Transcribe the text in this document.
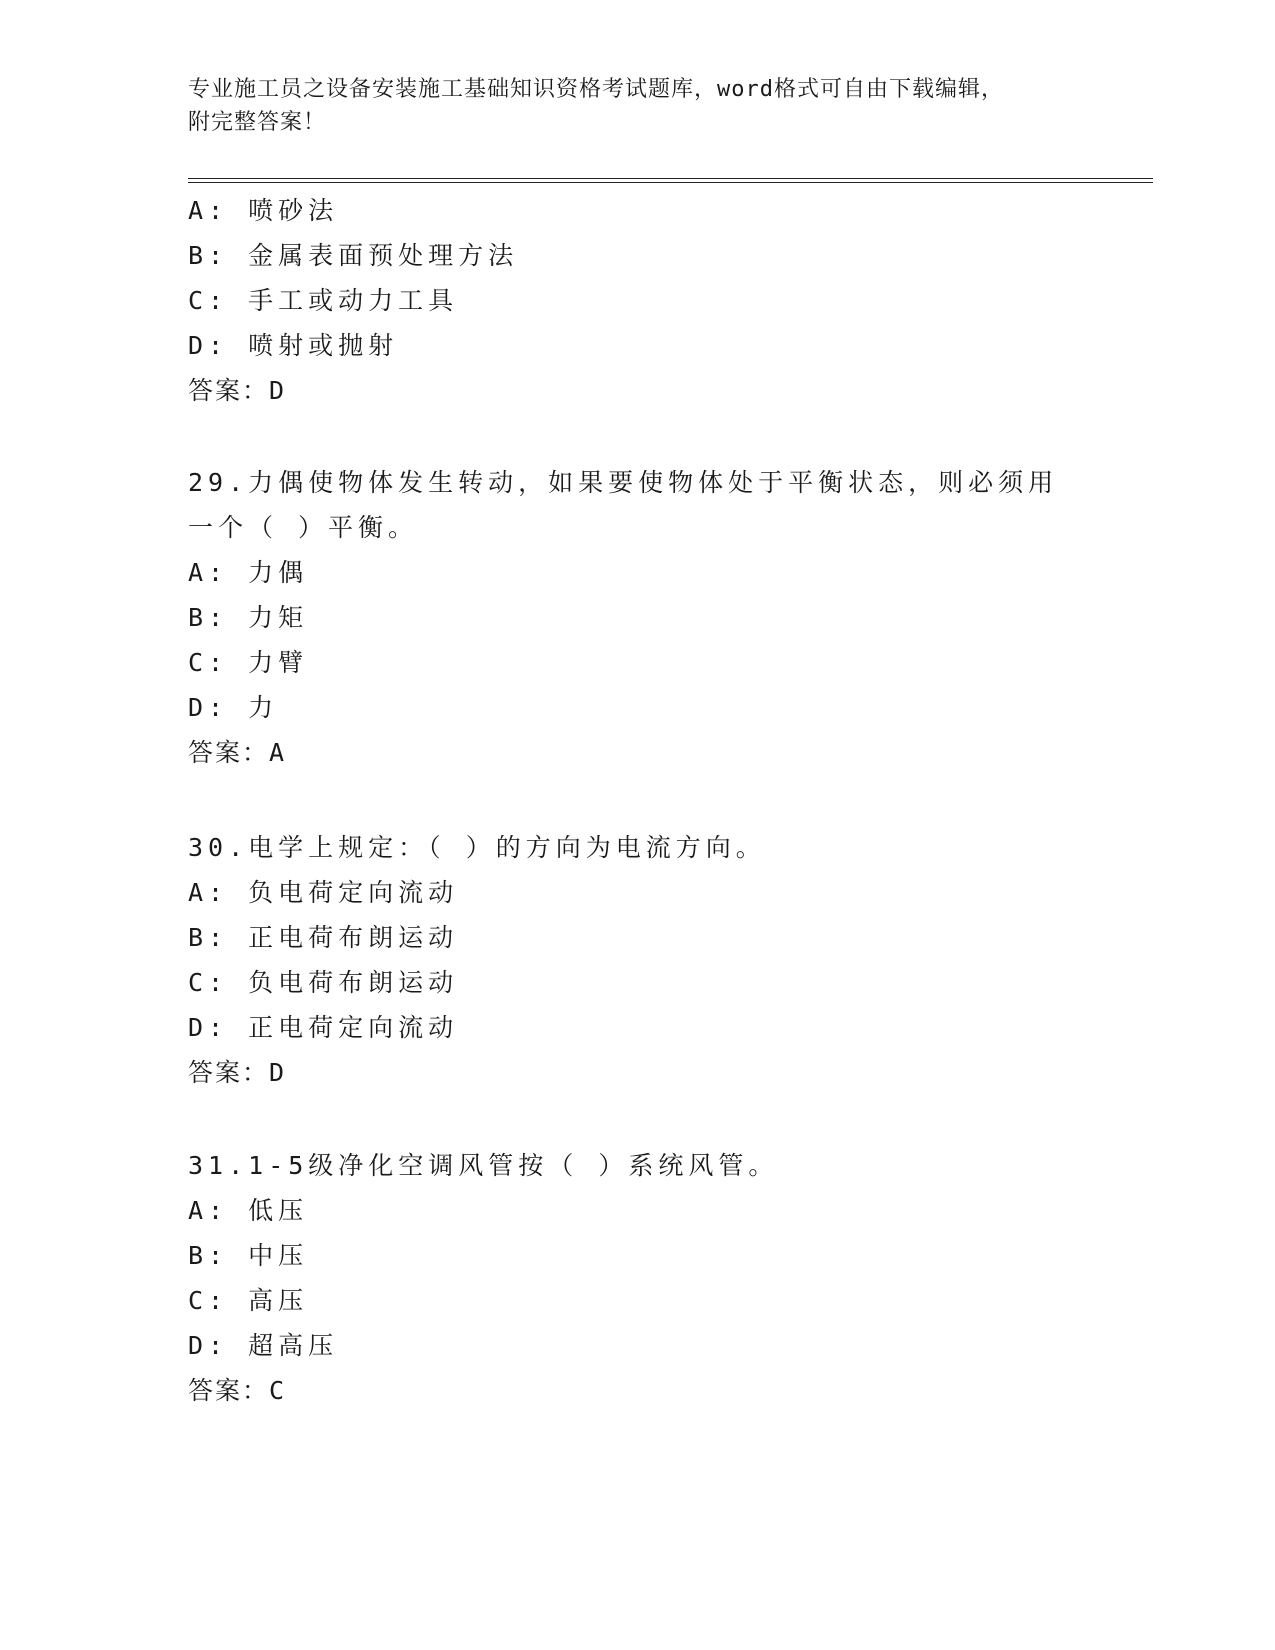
专业施工员之设备安装施工基础知识资格考试题库，word格式可自由下载编辑，
附完整答案！
A: 喷砂法
B: 金属表面预处理方法
C: 手工或动力工具
D: 喷射或抛射
答案：D
29.力偶使物体发生转动，如果要使物体处于平衡状态，则必须用一个（ ）平衡。
A: 力偶
B: 力矩
C: 力臂
D: 力
答案：A
30.电学上规定：（ ）的方向为电流方向。
A: 负电荷定向流动
B: 正电荷布朗运动
C: 负电荷布朗运动
D: 正电荷定向流动
答案：D
31.1-5级净化空调风管按（ ）系统风管。
A: 低压
B: 中压
C: 高压
D: 超高压
答案：C
